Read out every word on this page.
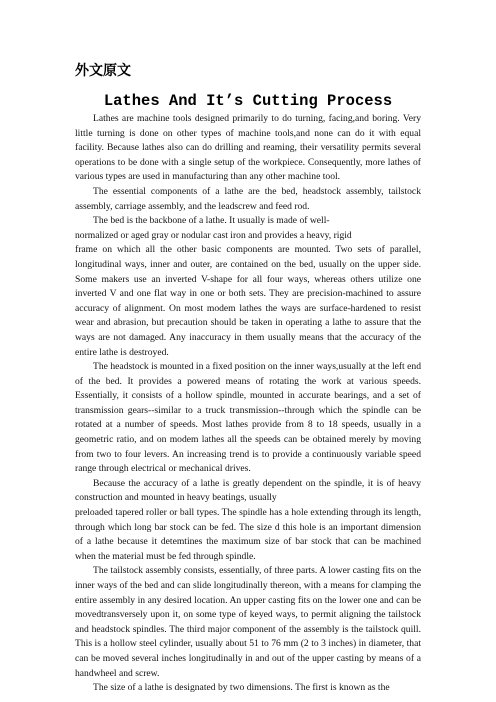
外文原文
Lathes And It’s Cutting Process

Lathes are machine tools designed primarily to do turning, facing,and boring. Very little turning is done on other types of machine tools,and none can do it with equal facility. Because lathes also can do drilling and reaming, their versatility permits several operations to be done with a single setup of the workpiece. Consequently, more lathes of various types are used in manufacturing than any other machine tool.

The essential components of a lathe are the bed, headstock assembly, tailstock assembly, carriage assembly, and the leadscrew and feed rod.

The bed is the backbone of a lathe. It usually is made of well-

normalized or aged gray or nodular cast iron and provides a heavy, rigid

frame on which all the other basic components are mounted. Two sets of parallel, longitudinal ways, inner and outer, are contained on the bed, usually on the upper side. Some makers use an inverted V-shape for all four ways, whereas others utilize one inverted V and one flat way in one or both sets. They are precision-machined to assure accuracy of alignment. On most modem lathes the ways are surface-hardened to resist wear and abrasion, but precaution should be taken in operating a lathe to assure that the ways are not damaged. Any inaccuracy in them usually means that the accuracy of the entire lathe is destroyed.

The headstock is mounted in a fixed position on the inner ways,usually at the left end of the bed. It provides a powered means of rotating the work at various speeds. Essentially, it consists of a hollow spindle, mounted in accurate bearings, and a set of transmission gears--similar to a truck transmission--through which the spindle can be rotated at a number of speeds. Most lathes provide from 8 to 18 speeds, usually in a geometric ratio, and on modem lathes all the speeds can be obtained merely by moving from two to four levers. An increasing trend is to provide a continuously variable speed range through electrical or mechanical drives.

Because the accuracy of a lathe is greatly dependent on the spindle, it is of heavy construction and mounted in heavy beatings, usually

preloaded tapered roller or ball types. The spindle has a hole extending through its length, through which long bar stock can be fed. The size d this hole is an important dimension of a lathe because it detemtines the maximum size of bar stock that can be machined when the material must be fed through spindle.

The tailstock assembly consists, essentially, of three parts. A lower casting fits on the inner ways of the bed and can slide longitudinally thereon, with a means for clamping the entire assembly in any desired location. An upper casting fits on the lower one and can be movedtransversely upon it, on some type of keyed ways, to permit aligning the tailstock and headstock spindles. The third major component of the assembly is the tailstock quill. This is a hollow steel cylinder, usually about 51 to 76 mm (2 to 3 inches) in diameter, that can be moved several inches longitudinally in and out of the upper casting by means of a handwheel and screw.

The size of a lathe is designated by two dimensions. The first is known as the
